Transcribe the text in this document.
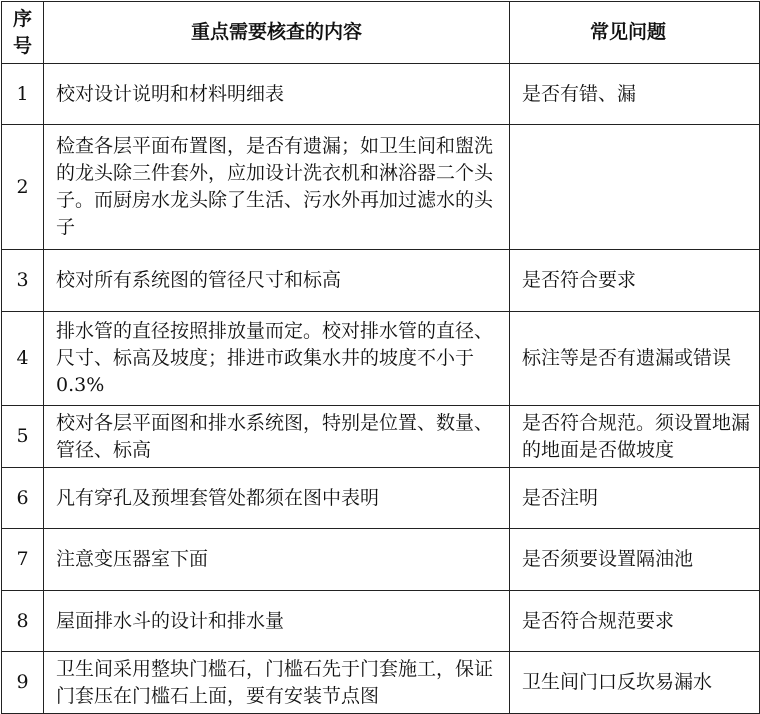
序号	重点需要核查的内容	常见问题
1	校对设计说明和材料明细表	是否有错、漏
2	检查各层平面布置图，是否有遗漏；如卫生间和盥洗的龙头除三件套外，应加设计洗衣机和淋浴器二个头子。而厨房水龙头除了生活、污水外再加过滤水的头子	
3	校对所有系统图的管径尺寸和标高	是否符合要求
4	排水管的直径按照排放量而定。校对排水管的直径、尺寸、标高及坡度；排进市政集水井的坡度不小于 0.3%	标注等是否有遗漏或错误
5	校对各层平面图和排水系统图，特别是位置、数量、管径、标高	是否符合规范。须设置地漏的地面是否做坡度
6	凡有穿孔及预埋套管处都须在图中表明	是否注明
7	注意变压器室下面	是否须要设置隔油池
8	屋面排水斗的设计和排水量	是否符合规范要求
9	卫生间采用整块门槛石，门槛石先于门套施工，保证门套压在门槛石上面，要有安装节点图	卫生间门口反坎易漏水
